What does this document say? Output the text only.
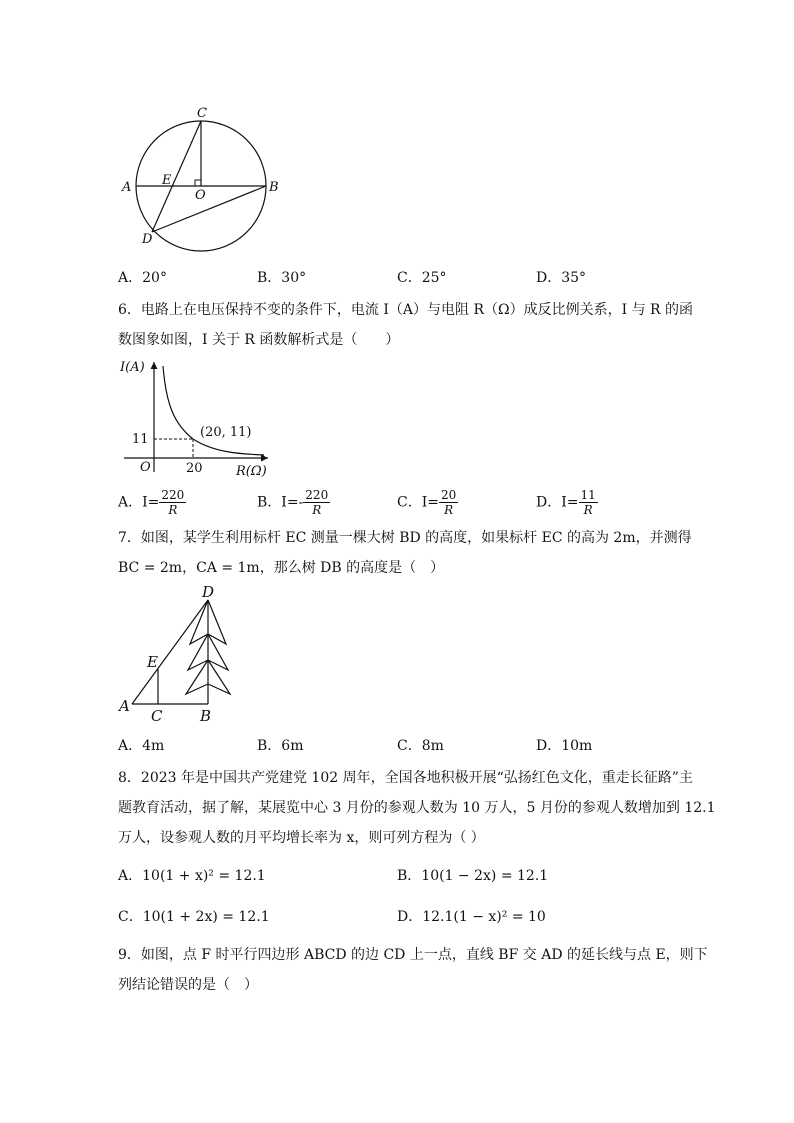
C
A E
O
B
D
A．20°	B．30°	C．25°	D．35°
6．电路上在电压保持不变的条件下，电流 I（A）与电阻 R（Ω）成反比例关系，I 与 R 的函
数图象如图，I 关于 R 函数解析式是（　　）
I(A)
R(Ω)
O
(20, 11)
20
11
A．$I= \frac{220}{R}$	B．$I=- \frac{220}{R}$	C．$I= \frac{20}{R}$	D．$I= \frac{11}{R}$
7．如图，某学生利用标杆 EC 测量一棵大树 BD 的高度，如果标杆 EC 的高为 2m，并测得
BC = 2m，CA = 1m，那么树 DB 的高度是（　）
D
E
A
C	B
A．4m	B．6m	C．8m	D．10m
8．2023 年是中国共产党建党 102 周年，全国各地积极开展“弘扬红色文化，重走长征路”主
题教育活动，据了解，某展览中心 3 月份的参观人数为 10 万人，5 月份的参观人数增加到 12.1
万人，设参观人数的月平均增长率为 x，则可列方程为（ ）
A．10(1 + x)² = 12.1	B．10(1 − 2x) = 12.1
C．10(1 + 2x) = 12.1	D．12.1(1 − x)² = 10
9．如图，点 F 时平行四边形 ABCD 的边 CD 上一点，直线 BF 交 AD 的延长线与点 E，则下
列结论错误的是（　）
